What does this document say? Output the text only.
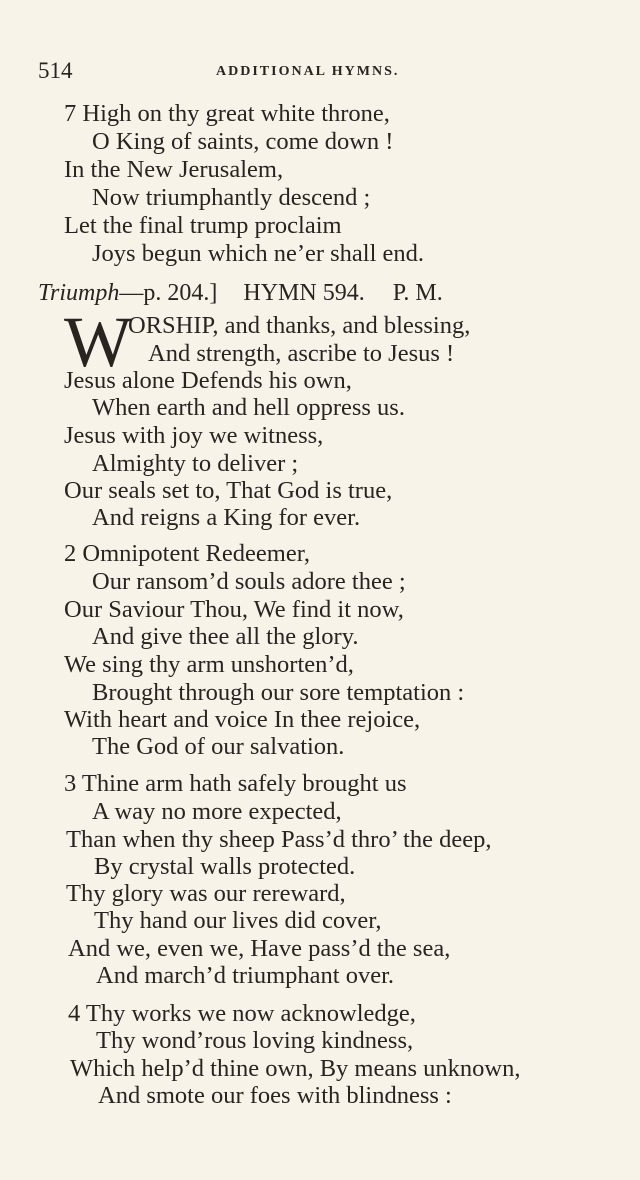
514	ADDITIONAL HYMNS.
7 High on thy great white throne,
O King of saints, come down !
In the New Jerusalem,
Now triumphantly descend ;
Let the final trump proclaim
Joys begun which ne’er shall end.
Triumph—p. 204.] HYMN 594. P. M.
W
ORSHIP, and thanks, and blessing,
And strength, ascribe to Jesus !
Jesus alone Defends his own,
When earth and hell oppress us.
Jesus with joy we witness,
Almighty to deliver ;
Our seals set to, That God is true,
And reigns a King for ever.
2 Omnipotent Redeemer,
Our ransom’d souls adore thee ;
Our Saviour Thou, We find it now,
And give thee all the glory.
We sing thy arm unshorten’d,
Brought through our sore temptation :
With heart and voice In thee rejoice,
The God of our salvation.
3 Thine arm hath safely brought us
A way no more expected,
Than when thy sheep Pass’d thro’ the deep,
By crystal walls protected.
Thy glory was our rereward,
Thy hand our lives did cover,
And we, even we, Have pass’d the sea,
And march’d triumphant over.
4 Thy works we now acknowledge,
Thy wond’rous loving kindness,
Which help’d thine own, By means unknown,
And smote our foes with blindness :
